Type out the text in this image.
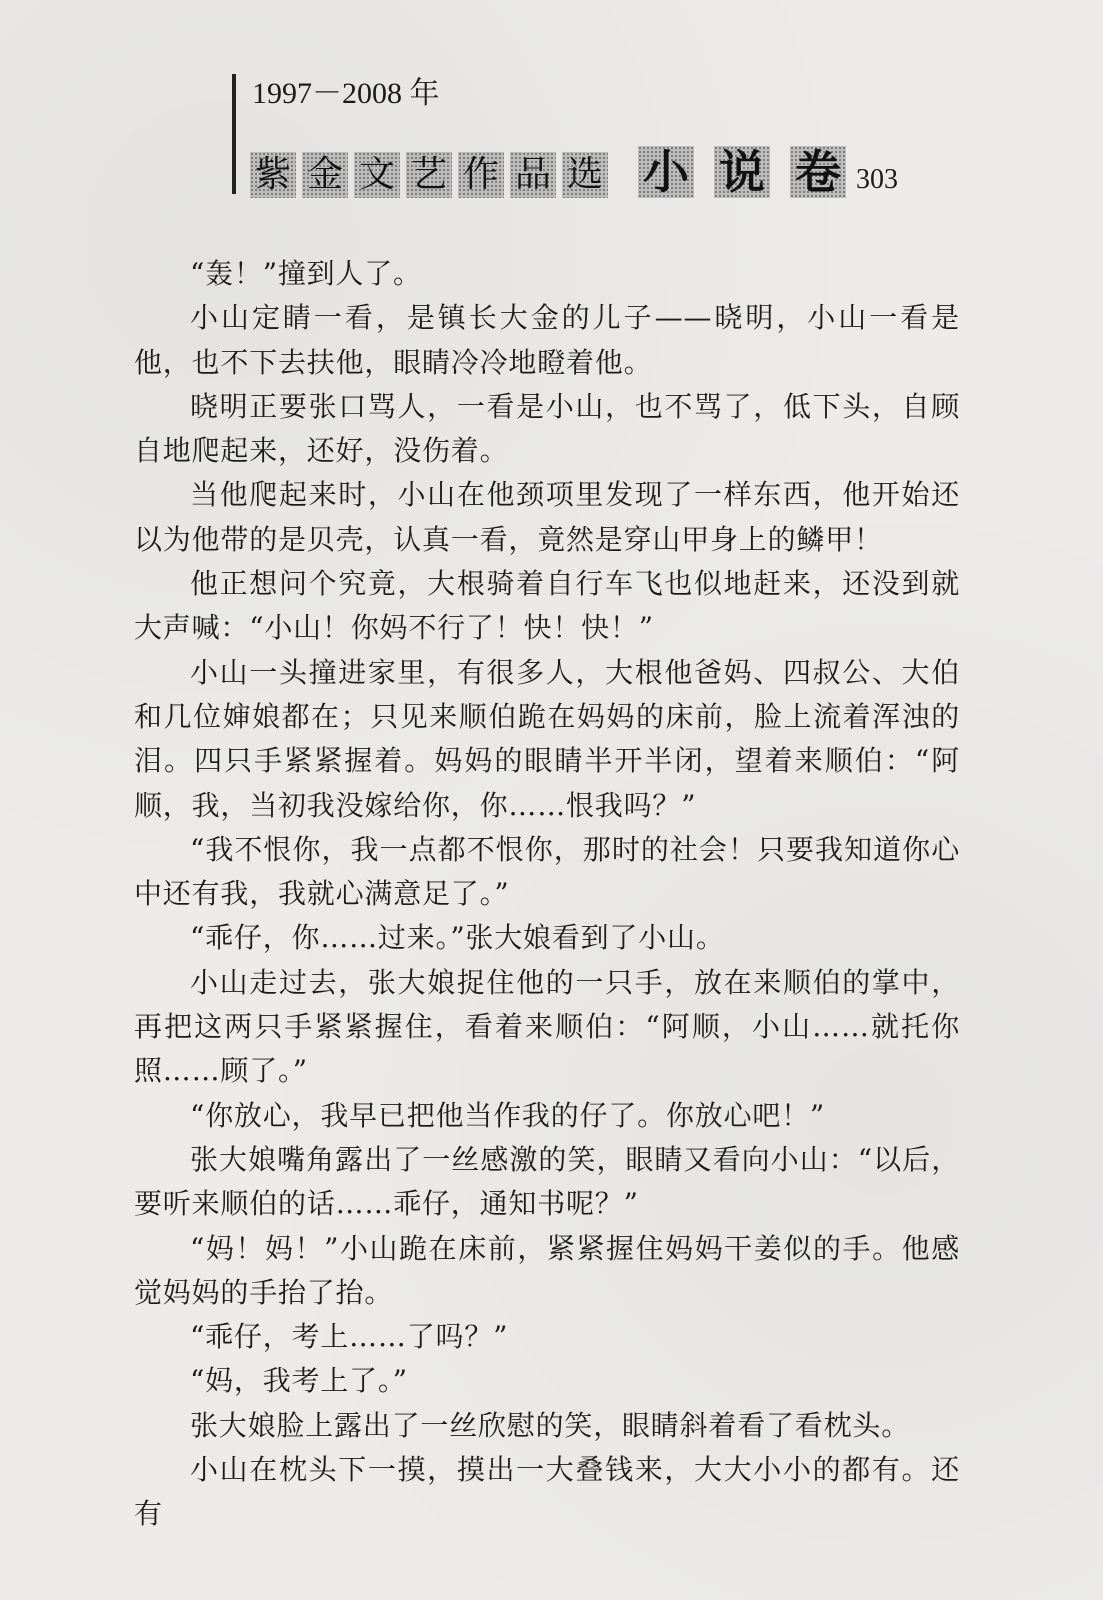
1997－2008 年
紫 金 文 艺 作 品 选 小 说 卷 303

“轰！”撞到人了。

小山定睛一看，是镇长大金的儿子——晓明，小山一看是他，也不下去扶他，眼睛冷冷地瞪着他。

晓明正要张口骂人，一看是小山，也不骂了，低下头，自顾自地爬起来，还好，没伤着。

当他爬起来时，小山在他颈项里发现了一样东西，他开始还以为他带的是贝壳，认真一看，竟然是穿山甲身上的鳞甲！

他正想问个究竟，大根骑着自行车飞也似地赶来，还没到就大声喊：“小山！你妈不行了！快！快！”

小山一头撞进家里，有很多人，大根他爸妈、四叔公、大伯和几位婶娘都在；只见来顺伯跪在妈妈的床前，脸上流着浑浊的泪。四只手紧紧握着。妈妈的眼睛半开半闭，望着来顺伯：“阿顺，我，当初我没嫁给你，你……恨我吗？”

“我不恨你，我一点都不恨你，那时的社会！只要我知道你心中还有我，我就心满意足了。”

“乖仔，你……过来。”张大娘看到了小山。

小山走过去，张大娘捉住他的一只手，放在来顺伯的掌中，再把这两只手紧紧握住，看着来顺伯：“阿顺，小山……就托你照……顾了。”

“你放心，我早已把他当作我的仔了。你放心吧！”

张大娘嘴角露出了一丝感激的笑，眼睛又看向小山：“以后，要听来顺伯的话……乖仔，通知书呢？”

“妈！妈！”小山跪在床前，紧紧握住妈妈干姜似的手。他感觉妈妈的手抬了抬。

“乖仔，考上……了吗？”

“妈，我考上了。”

张大娘脸上露出了一丝欣慰的笑，眼睛斜着看了看枕头。

小山在枕头下一摸，摸出一大叠钱来，大大小小的都有。还有
